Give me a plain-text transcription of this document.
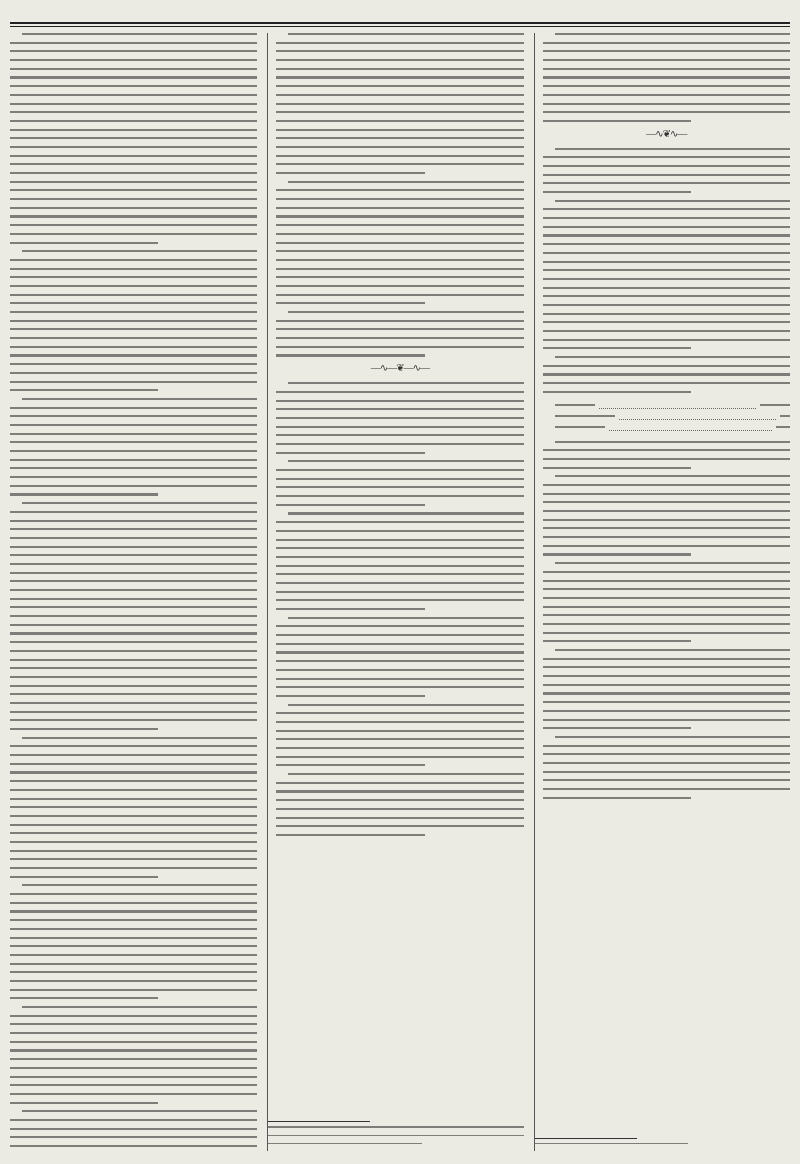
—∿—❦—∿—
—∿❦∿—
